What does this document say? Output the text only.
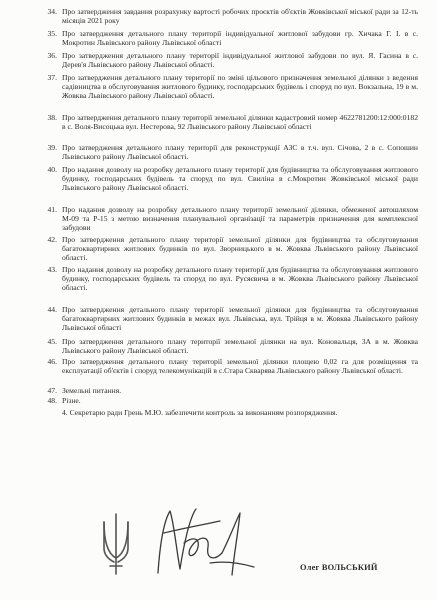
34. Про затвердження завдання розрахунку вартості робочих проєктів об'єктів Жовківської міської ради за 12-ть місяців 2021 року
35. Про затвердження детального плану території індивідуальної житлової забудови гр. Хичака Г. І. в с. Мокротин Львівського району Львівської області
36. Про затвердження детального плану території індивідуальної житлової забудови по вул. Я. Гасина в с. Дерев'я Львівського району Львівської області.
37. Про затвердження детального плану території по зміні цільового призначення земельної ділянки з ведення садівництва в обслуговування житлового будинку, господарських будівель і споруд по вул. Вокзальна, 19 в м. Жовква Львівського району Львівської області.
38. Про затвердження детального плану території земельної ділянки кадастровий номер 4622781200:12:000:0182 в с. Воля-Висоцька вул. Нестерова, 92 Львівського району Львівської області
39. Про затвердження детального плану території для реконструкції АЗС в т.ч. вул. Січова, 2 в с. Сопошин Львівського району Львівської області.
40. Про надання дозволу на розробку детального плану території для будівництва та обслуговування житлового будинку, господарських будівель та споруд по вул. Свиліна в с.Мокротин Жовківської міської ради Львівського району Львівської області.
41. Про надання дозволу на розробку детального плану території земельної ділянки, обмеженої автошляхом М-09 та Р-15 з метою визначення планувальної організації та параметрів призначення для комплексної забудови
42. Про затвердження детального плану території земельної ділянки для будівництва та обслуговування багатоквартирних житлових будинків по вул. Зворницького в м. Жовква Львівського району Львівської області.
43. Про надання дозволу на розробку детального плану території для будівництва та обслуговування житлового будинку, господарських будівель та споруд по вул. Русяєвича в м. Жовква Львівського району Львівської області.
44. Про затвердження детального плану території земельної ділянки для будівництва та обслуговування багатоквартирних житлових будинків в межах вул. Львівська, вул. Трійця в м. Жовква Львівського району Львівської області
45. Про затвердження детального плану території земельної ділянки на вул. Коновальця, 3А в м. Жовква Львівського району Львівської області.
46. Про затвердження детального плану території земельної ділянки площею 0,02 га для розміщення та експлуатації об'єктів і споруд телекомунікацій в с.Стара Скварява Львівського району Львівської області.
47. Земельні питання.
48. Різне.
4. Секретарю ради Грень М.Ю. забезпечити контроль за виконанням розпорядження.
Олег ВОЛЬСЬКИЙ
